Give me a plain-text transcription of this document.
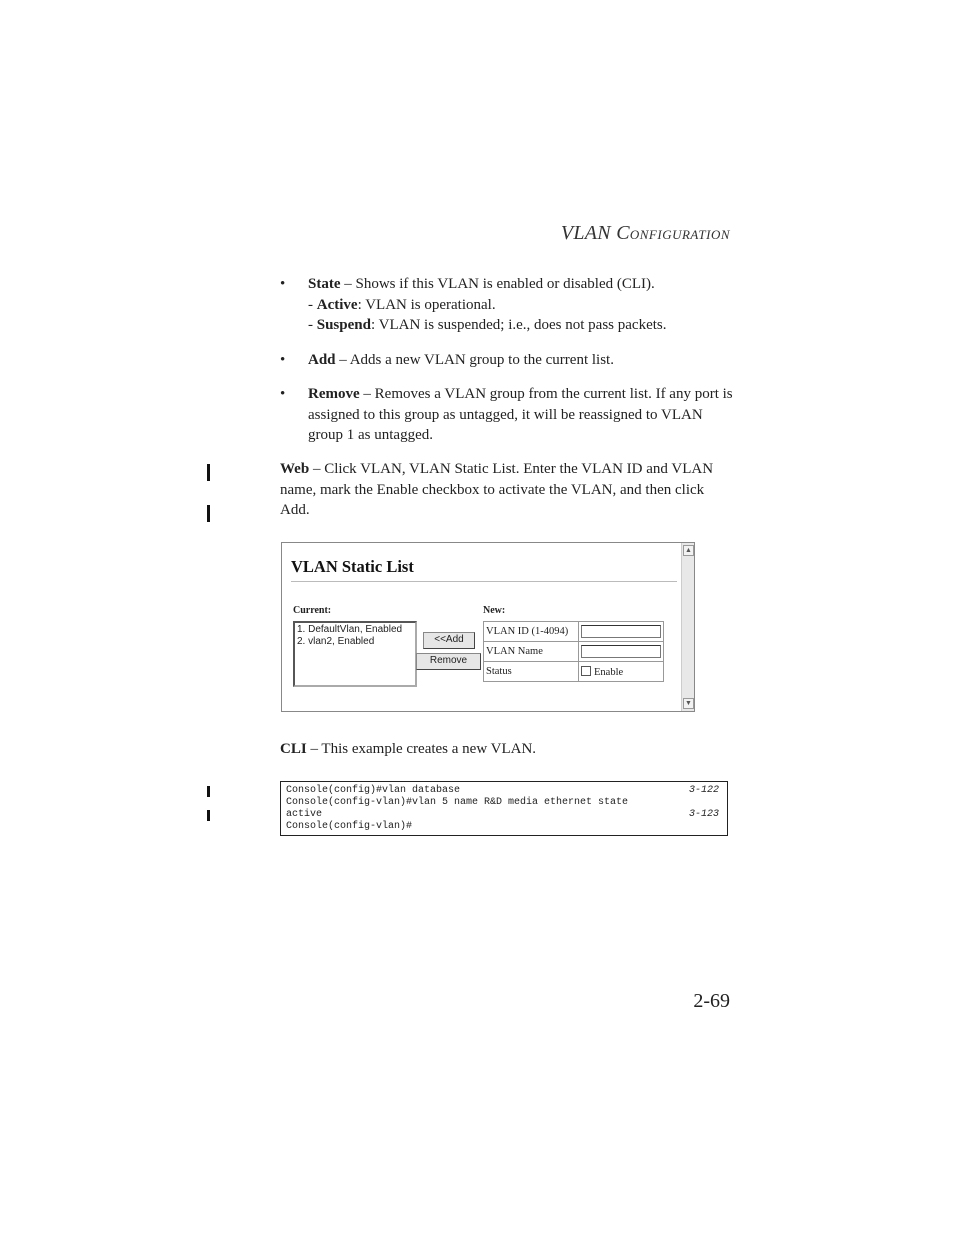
VLAN CONFIGURATION
• State – Shows if this VLAN is enabled or disabled (CLI).
- Active: VLAN is operational.
- Suspend: VLAN is suspended; i.e., does not pass packets.
• Add – Adds a new VLAN group to the current list.
• Remove – Removes a VLAN group from the current list. If any port is assigned to this group as untagged, it will be reassigned to VLAN group 1 as untagged.
Web – Click VLAN, VLAN Static List. Enter the VLAN ID and VLAN name, mark the Enable checkbox to activate the VLAN, and then click Add.
VLAN Static List
Current:	New:
1. DefaultVlan, Enabled
2. vlan2, Enabled	<<Add
Remove
VLAN ID (1-4094)	

VLAN Name	

Status	Enable
▲
▼
CLI – This example creates a new VLAN.
Console(config)#vlan database	3-122
Console(config-vlan)#vlan 5 name R&D media ethernet state
active	3-123
Console(config-vlan)#
2-69
